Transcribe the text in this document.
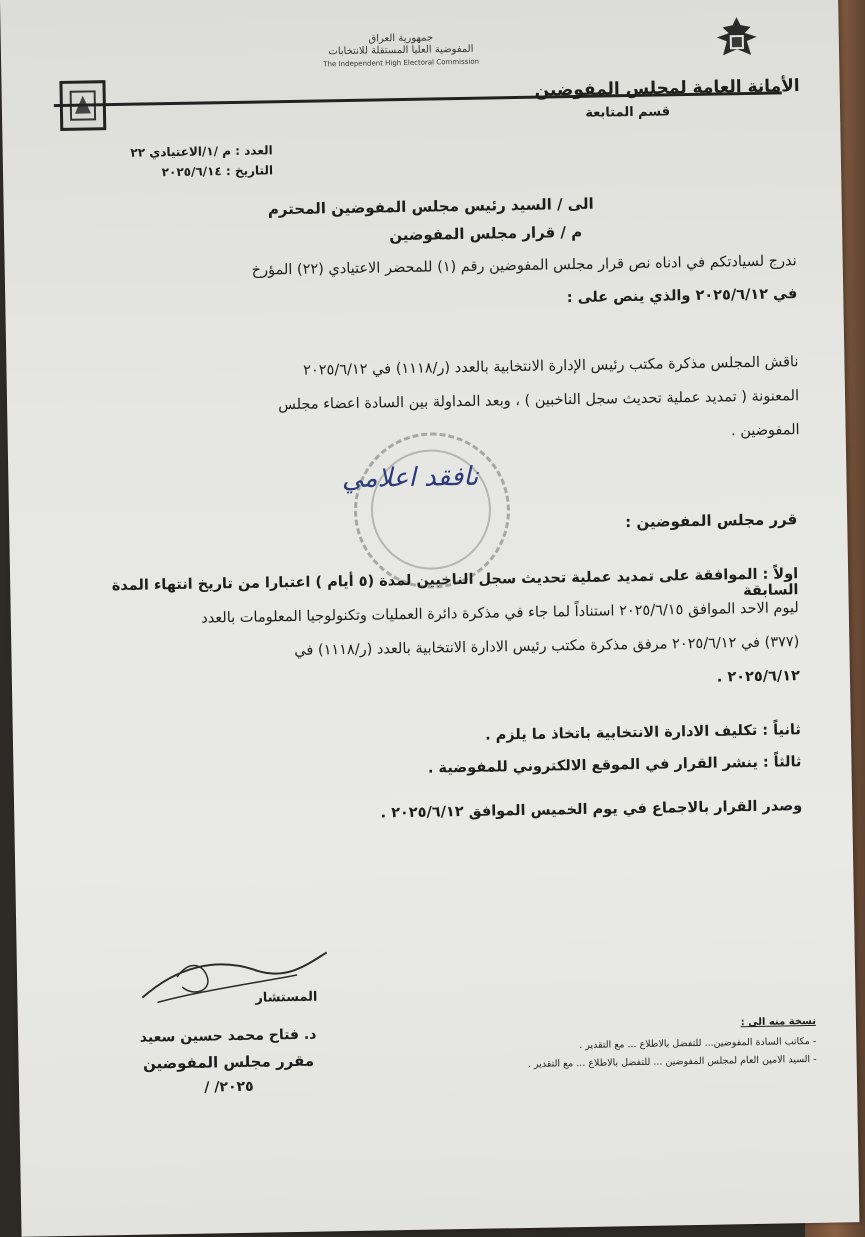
جمهورية العراق
المفوضية العليا المستقلة للانتخابات
The Independent High Electoral Commission
الأمانة العامة لمجلس المفوضين
قسم المتابعة
العدد : م /١/الاعتيادي ٢٢
التاريخ : ٢٠٢٥/٦/١٤
الى / السيد رئيس مجلس المفوضين المحترم
م / قرار مجلس المفوضين
ندرج لسيادتكم في ادناه نص قرار مجلس المفوضين رقم (١) للمحضر الاعتيادي (٢٢) المؤرخ
في ٢٠٢٥/٦/١٢ والذي ينص على :
ناقش المجلس مذكرة مكتب رئيس الإدارة الانتخابية بالعدد (ر/١١١٨) في ٢٠٢٥/٦/١٢
المعنونة ( تمديد عملية تحديث سجل الناخبين ) ، وبعد المداولة بين السادة اعضاء مجلس
المفوضين .
نافقد اعلامي
قرر مجلس المفوضين :
اولاً : الموافقة على تمديد عملية تحديث سجل الناخبين لمدة (٥ أيام ) اعتبارا من تاريخ انتهاء المدة السابقة
ليوم الاحد الموافق ٢٠٢٥/٦/١٥ استناداً لما جاء في مذكرة دائرة العمليات وتكنولوجيا المعلومات بالعدد
(٣٧٧) في ٢٠٢٥/٦/١٢ مرفق مذكرة مكتب رئيس الادارة الانتخابية بالعدد (ر/١١١٨) في
٢٠٢٥/٦/١٢ .
ثانياً : تكليف الادارة الانتخابية باتخاذ ما يلزم .
ثالثاً : ينشر القرار في الموقع الالكتروني للمفوضية .
وصدر القرار بالاجماع في يوم الخميس الموافق ٢٠٢٥/٦/١٢ .
المستشار
د. فتاح محمد حسين سعيد
مقرر مجلس المفوضين
٢٠٢٥/ /
نسخة منه الى :
- مكاتب السادة المفوضين... للتفضل بالاطلاع ... مع التقدير .
- السيد الامين العام لمجلس المفوضين ... للتفضل بالاطلاع ... مع التقدير .
